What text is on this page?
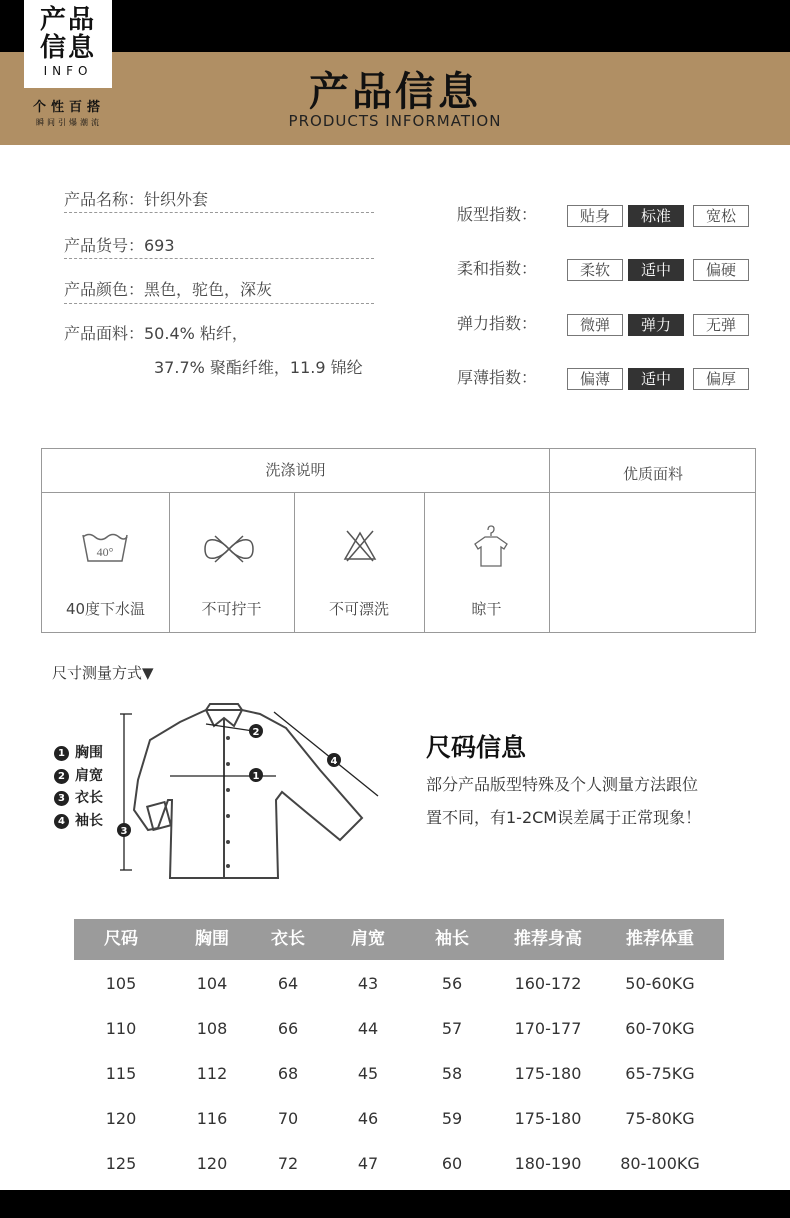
产品
信息
INFO
个性百搭
瞬间引爆潮流
产品信息
PRODUCTS INFORMATION
产品名称：针织外套
产品货号：693
产品颜色：黑色，驼色，深灰
产品面料：50.4% 粘纤，
37.7% 聚酯纤维，11.9 锦纶
版型指数：	贴身	标准	宽松
柔和指数：	柔软	适中	偏硬
弹力指数：	微弹	弹力	无弹
厚薄指数：	偏薄	适中	偏厚
洗涤说明	优质面料
40°
40度下水温	不可拧干	不可漂洗	晾干
尺寸测量方式▼
1 胸围
2 肩宽
3 衣长
4 袖长
3
1
2
4	尺码信息
部分产品版型特殊及个人测量方法跟位
置不同，有1-2CM误差属于正常现象！
尺码	胸围	衣长	肩宽	袖长	推荐身高	推荐体重
105	104	64	43	56	160-172	50-60KG
110	108	66	44	57	170-177	60-70KG
115	112	68	45	58	175-180	65-75KG
120	116	70	46	59	175-180	75-80KG
125	120	72	47	60	180-190	80-100KG
